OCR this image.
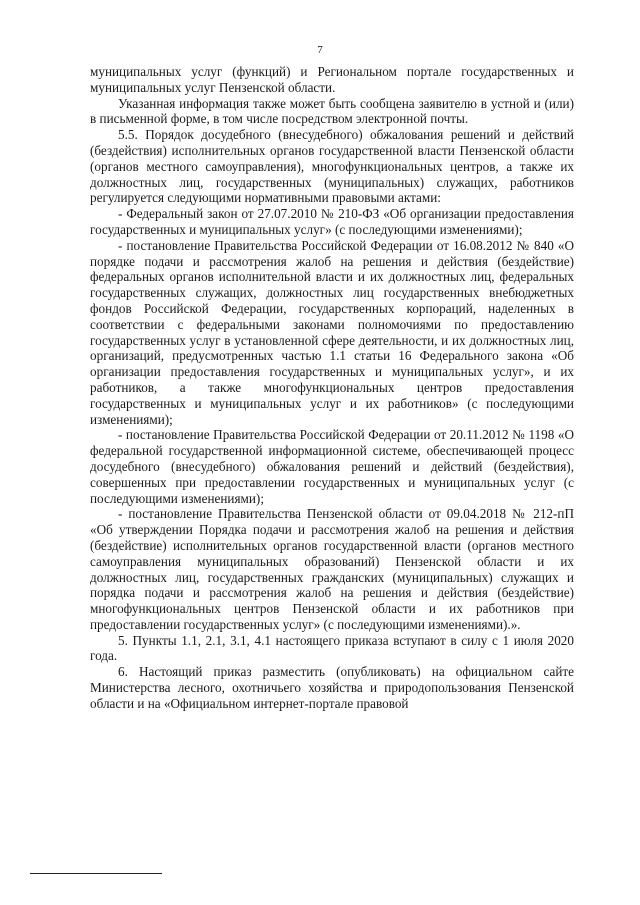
7

муниципальных услуг (функций) и Региональном портале государственных и муниципальных услуг Пензенской области.

Указанная информация также может быть сообщена заявителю в устной и (или) в письменной форме, в том числе посредством электронной почты.

5.5. Порядок досудебного (внесудебного) обжалования решений и действий (бездействия) исполнительных органов государственной власти Пензенской области (органов местного самоуправления), многофункциональных центров, а также их должностных лиц, государственных (муниципальных) служащих, работников регулируется следующими нормативными правовыми актами:

- Федеральный закон от 27.07.2010 № 210-ФЗ «Об организации предоставления государственных и муниципальных услуг» (с последующими изменениями);

- постановление Правительства Российской Федерации от 16.08.2012 № 840 «О порядке подачи и рассмотрения жалоб на решения и действия (бездействие) федеральных органов исполнительной власти и их должностных лиц, федеральных государственных служащих, должностных лиц государственных внебюджетных фондов Российской Федерации, государственных корпораций, наделенных в соответствии с федеральными законами полномочиями по предоставлению государственных услуг в установленной сфере деятельности, и их должностных лиц, организаций, предусмотренных частью 1.1 статьи 16 Федерального закона «Об организации предоставления государственных и муниципальных услуг», и их работников, а также многофункциональных центров предоставления государственных и муниципальных услуг и их работников» (с последующими изменениями);

- постановление Правительства Российской Федерации от 20.11.2012 № 1198 «О федеральной государственной информационной системе, обеспечивающей процесс досудебного (внесудебного) обжалования решений и действий (бездействия), совершенных при предоставлении государственных и муниципальных услуг (с последующими изменениями);

- постановление Правительства Пензенской области от 09.04.2018 № 212-пП «Об утверждении Порядка подачи и рассмотрения жалоб на решения и действия (бездействие) исполнительных органов государственной власти (органов местного самоуправления муниципальных образований) Пензенской области и их должностных лиц, государственных гражданских (муниципальных) служащих и порядка подачи и рассмотрения жалоб на решения и действия (бездействие) многофункциональных центров Пензенской области и их работников при предоставлении государственных услуг» (с последующими изменениями).».

5. Пункты 1.1, 2.1, 3.1, 4.1 настоящего приказа вступают в силу с 1 июля 2020 года.

6. Настоящий приказ разместить (опубликовать) на официальном сайте Министерства лесного, охотничьего хозяйства и природопользования Пензенской области и на «Официальном интернет-портале правовой
